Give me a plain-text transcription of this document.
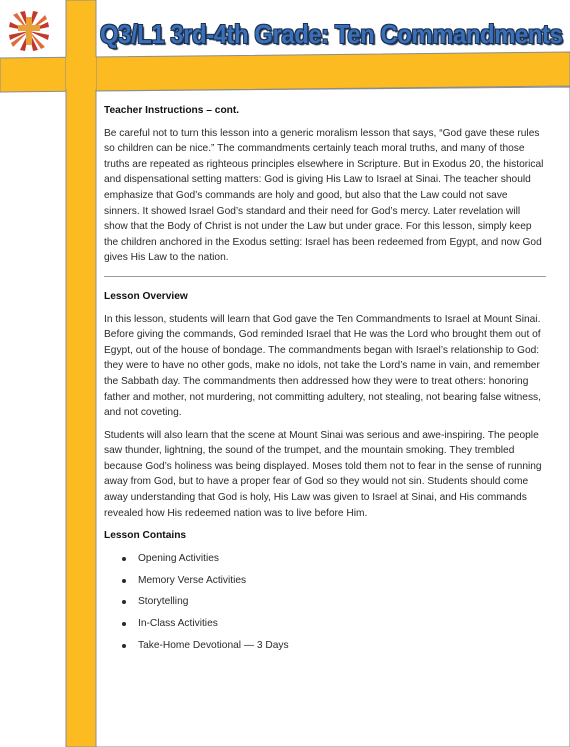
Q3/L1 3rd-4th Grade: Ten Commandments
Teacher Instructions – cont.
Be careful not to turn this lesson into a generic moralism lesson that says, “God gave these rules so children can be nice.” The commandments certainly teach moral truths, and many of those truths are repeated as righteous principles elsewhere in Scripture. But in Exodus 20, the historical and dispensational setting matters: God is giving His Law to Israel at Sinai. The teacher should emphasize that God’s commands are holy and good, but also that the Law could not save sinners. It showed Israel God’s standard and their need for God’s mercy. Later revelation will show that the Body of Christ is not under the Law but under grace. For this lesson, simply keep the children anchored in the Exodus setting: Israel has been redeemed from Egypt, and now God gives His Law to the nation.
Lesson Overview
In this lesson, students will learn that God gave the Ten Commandments to Israel at Mount Sinai. Before giving the commands, God reminded Israel that He was the Lord who brought them out of Egypt, out of the house of bondage. The commandments began with Israel’s relationship to God: they were to have no other gods, make no idols, not take the Lord’s name in vain, and remember the Sabbath day. The commandments then addressed how they were to treat others: honoring father and mother, not murdering, not committing adultery, not stealing, not bearing false witness, and not coveting.
Students will also learn that the scene at Mount Sinai was serious and awe-inspiring. The people saw thunder, lightning, the sound of the trumpet, and the mountain smoking. They trembled because God’s holiness was being displayed. Moses told them not to fear in the sense of running away from God, but to have a proper fear of God so they would not sin. Students should come away understanding that God is holy, His Law was given to Israel at Sinai, and His commands revealed how His redeemed nation was to live before Him.
Lesson Contains
Opening Activities
Memory Verse Activities
Storytelling
In-Class Activities
Take-Home Devotional — 3 Days
